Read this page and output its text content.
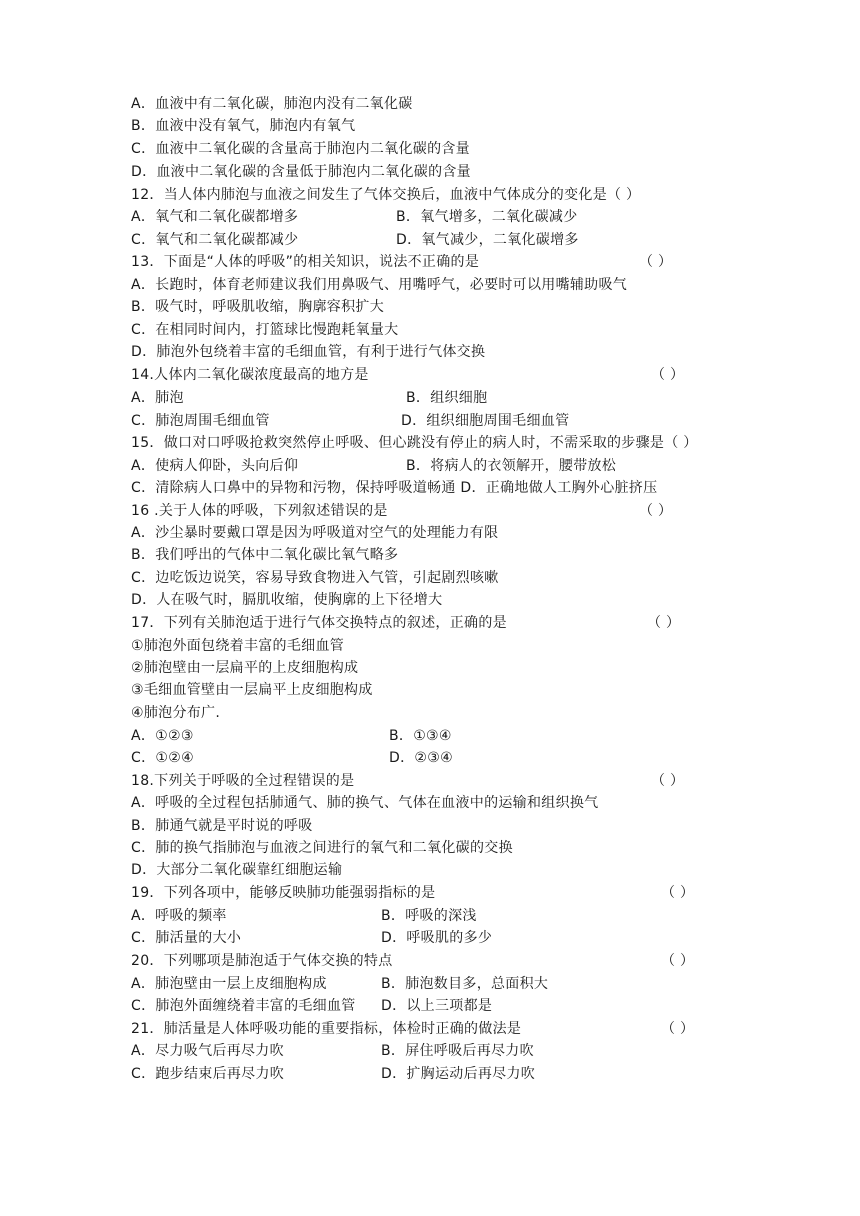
A．血液中有二氧化碳，肺泡内没有二氧化碳
B．血液中没有氧气，肺泡内有氧气
C．血液中二氧化碳的含量高于肺泡内二氧化碳的含量
D．血液中二氧化碳的含量低于肺泡内二氧化碳的含量
12．当人体内肺泡与血液之间发生了气体交换后，血液中气体成分的变化是（ ）
A．氧气和二氧化碳都增多	B．氧气增多，二氧化碳减少
C．氧气和二氧化碳都减少	D．氧气减少，二氧化碳增多
13．下面是“人体的呼吸”的相关知识，说法不正确的是	（ ）
A．长跑时，体育老师建议我们用鼻吸气、用嘴呼气，必要时可以用嘴辅助吸气
B．吸气时，呼吸肌收缩，胸廓容积扩大
C．在相同时间内，打篮球比慢跑耗氧量大
D．肺泡外包绕着丰富的毛细血管，有利于进行气体交换
14.人体内二氧化碳浓度最高的地方是	（ ）
A．肺泡	B．组织细胞
C．肺泡周围毛细血管	D．组织细胞周围毛细血管
15．做口对口呼吸抢救突然停止呼吸、但心跳没有停止的病人时，不需采取的步骤是（ ）
A．使病人仰卧，头向后仰	B．将病人的衣领解开，腰带放松
C．清除病人口鼻中的异物和污物，保持呼吸道畅通 D．正确地做人工胸外心脏挤压
16 .关于人体的呼吸，下列叙述错误的是	（ ）
A．沙尘暴时要戴口罩是因为呼吸道对空气的处理能力有限
B．我们呼出的气体中二氧化碳比氧气略多
C．边吃饭边说笑，容易导致食物进入气管，引起剧烈咳嗽
D．人在吸气时，膈肌收缩，使胸廓的上下径增大
17．下列有关肺泡适于进行气体交换特点的叙述，正确的是	（ ）
①肺泡外面包绕着丰富的毛细血管
②肺泡壁由一层扁平的上皮细胞构成
③毛细血管壁由一层扁平上皮细胞构成
④肺泡分布广.
A．①②③	B．①③④
C．①②④	D．②③④
18.下列关于呼吸的全过程错误的是	（ ）
A．呼吸的全过程包括肺通气、肺的换气、气体在血液中的运输和组织换气
B．肺通气就是平时说的呼吸
C．肺的换气指肺泡与血液之间进行的氧气和二氧化碳的交换
D．大部分二氧化碳靠红细胞运输
19．下列各项中，能够反映肺功能强弱指标的是	（ ）
A．呼吸的频率	B．呼吸的深浅
C．肺活量的大小	D．呼吸肌的多少
20．下列哪项是肺泡适于气体交换的特点	（ ）
A．肺泡壁由一层上皮细胞构成	B．肺泡数目多，总面积大
C．肺泡外面缠绕着丰富的毛细血管 D．以上三项都是
21．肺活量是人体呼吸功能的重要指标，体检时正确的做法是	（ ）
A．尽力吸气后再尽力吹	B．屏住呼吸后再尽力吹
C．跑步结束后再尽力吹	D．扩胸运动后再尽力吹
